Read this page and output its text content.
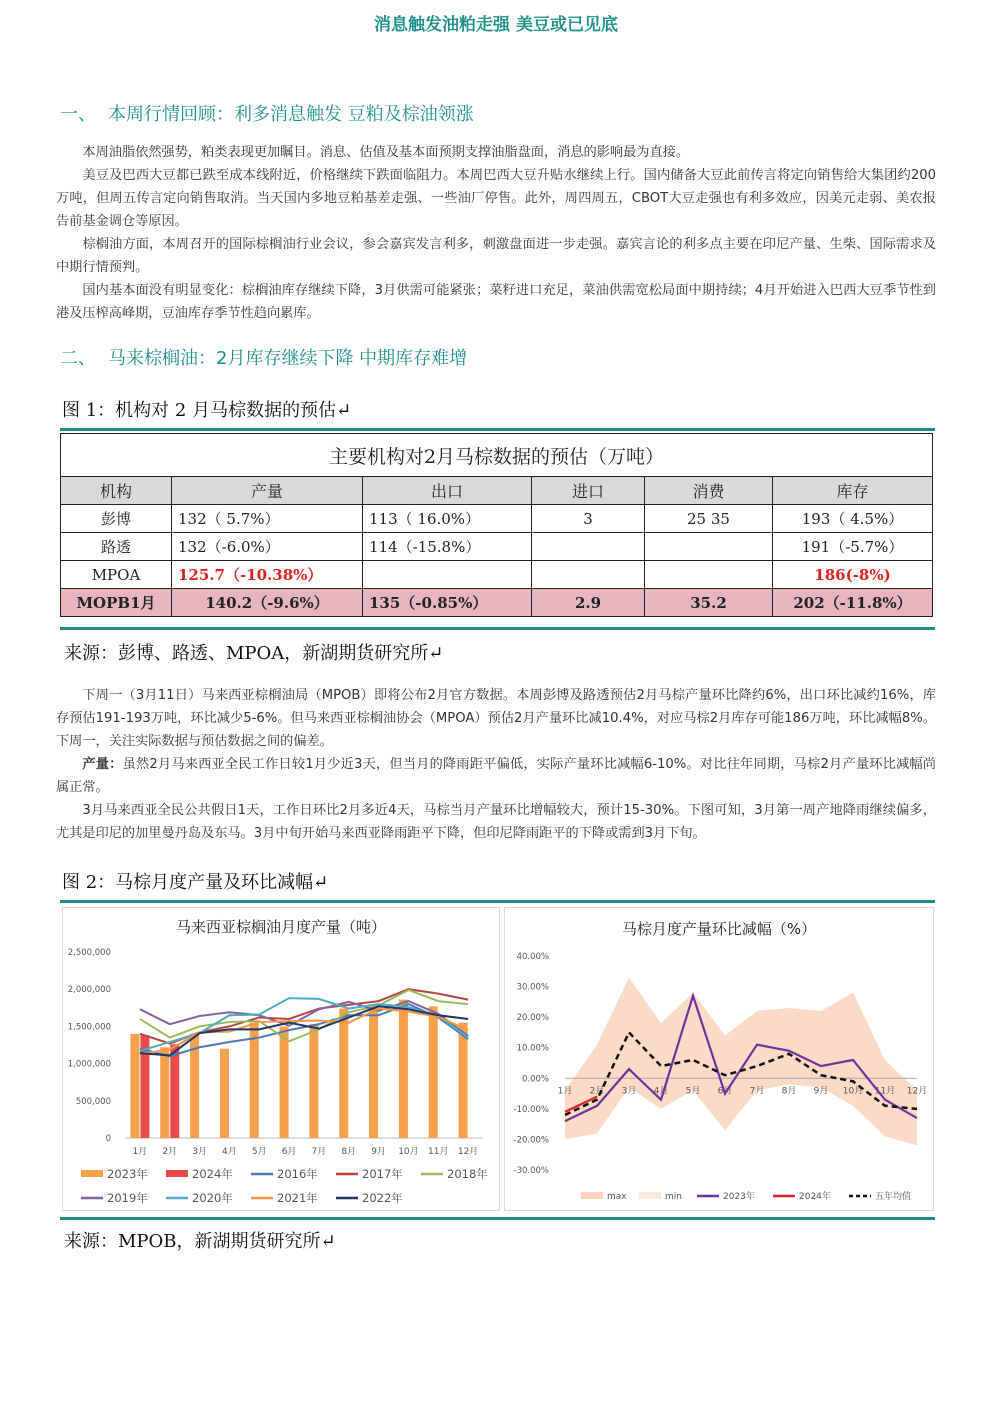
消息触发油粕走强 美豆或已见底
一、 本周行情回顾：利多消息触发 豆粕及棕油领涨

本周油脂依然强势，粕类表现更加瞩目。消息、估值及基本面预期支撑油脂盘面，消息的影响最为直接。

美豆及巴西大豆都已跌至成本线附近，价格继续下跌面临阻力。本周巴西大豆升贴水继续上行。国内储备大豆此前传言将定向销售给大集团约200万吨，但周五传言定向销售取消。当天国内多地豆粕基差走强、一些油厂停售。此外，周四周五，CBOT大豆走强也有利多效应，因美元走弱、美农报告前基金调仓等原因。

棕榈油方面，本周召开的国际棕榈油行业会议，参会嘉宾发言利多，刺激盘面进一步走强。嘉宾言论的利多点主要在印尼产量、生柴、国际需求及中期行情预判。

国内基本面没有明显变化：棕榈油库存继续下降，3月供需可能紧张；菜籽进口充足，菜油供需宽松局面中期持续；4月开始进入巴西大豆季节性到港及压榨高峰期，豆油库存季节性趋向累库。

二、 马来棕榈油：2月库存继续下降 中期库存难增
图 1：机构对 2 月马棕数据的预估↵
主要机构对2月马棕数据的预估（万吨）					
机构	产量	出口	进口	消费	库存
彭博	132（ 5.7%）	113（ 16.0%）	3	25 35	193（ 4.5%）
路透	132（-6.0%）	114（-15.8%）			191（-5.7%）
MPOA	125.7（-10.38%）				186(-8%)
MOPB1月	140.2（-9.6%）	135（-0.85%）	2.9	35.2	202（-11.8%）
来源：彭博、路透、MPOA，新湖期货研究所↵

下周一（3月11日）马来西亚棕榈油局（MPOB）即将公布2月官方数据。本周彭博及路透预估2月马棕产量环比降约6%，出口环比减约16%，库存预估191-193万吨，环比减少5-6%。但马来西亚棕榈油协会（MPOA）预估2月产量环比减10.4%，对应马棕2月库存可能186万吨，环比减幅8%。下周一，关注实际数据与预估数据之间的偏差。

产量：虽然2月马来西亚全民工作日较1月少近3天，但当月的降雨距平偏低，实际产量环比减幅6-10%。对比往年同期，马棕2月产量环比减幅尚属正常。

3月马来西亚全民公共假日1天，工作日环比2月多近4天，马棕当月产量环比增幅较大，预计15-30%。下图可知，3月第一周产地降雨继续偏多，尤其是印尼的加里曼丹岛及东马。3月中旬开始马来西亚降雨距平下降，但印尼降雨距平的下降或需到3月下旬。

图 2：马棕月度产量及环比减幅↵
马来西亚棕榈油月度产量（吨）
0
500,000
1,000,000
1,500,000
2,000,000
2,500,000
1月 2月 3月 4月 5月 6月 7月 8月 9月 10月 11月 12月
2023年	2024年	2016年	2017年	2018年
2019年	2020年	2021年	2022年
马棕月度产量环比减幅（%）
-30.00%
-20.00%
-10.00%
0.00%
10.00%
20.00%
30.00%
40.00%
1月 2月 3月 4月 5月 6月 7月 8月 9月 10月 11月 12月
max	min	2023年	2024年	五年均值
来源：MPOB，新湖期货研究所↵
